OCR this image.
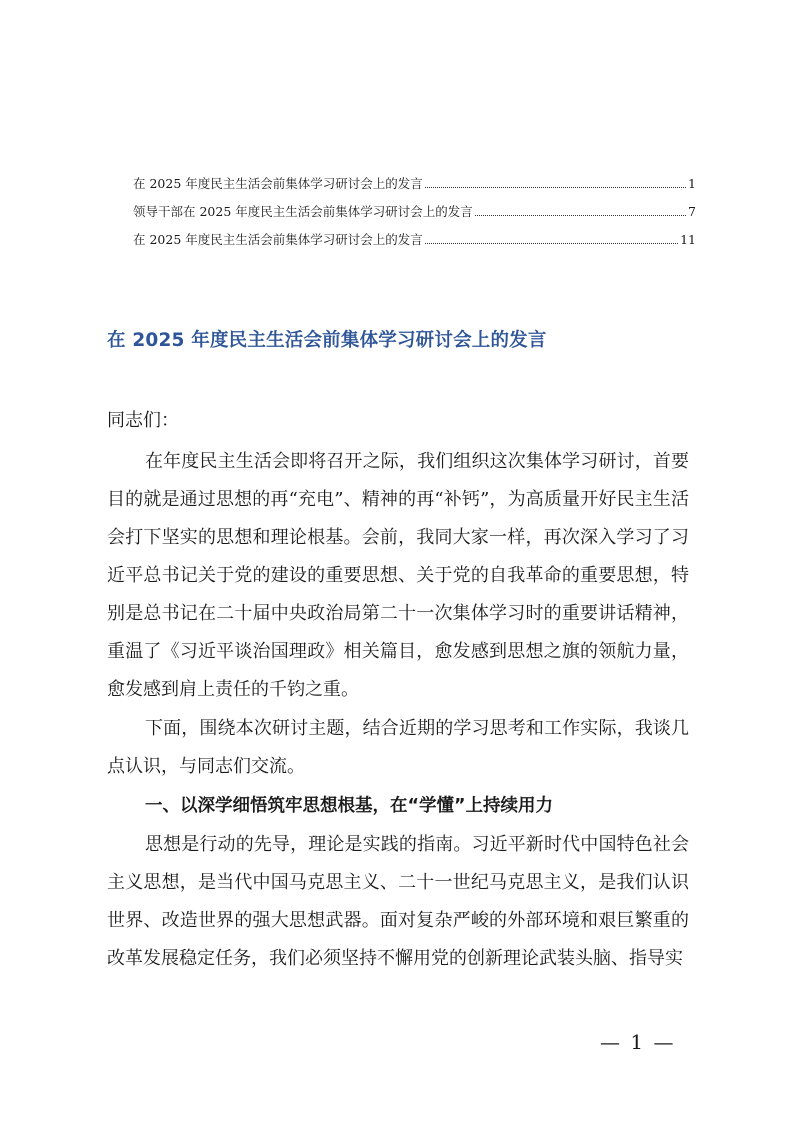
在 2025 年度民主生活会前集体学习研讨会上的发言	1
领导干部在 2025 年度民主生活会前集体学习研讨会上的发言	7
在 2025 年度民主生活会前集体学习研讨会上的发言	11
在 2025 年度民主生活会前集体学习研讨会上的发言

同志们：

在年度民主生活会即将召开之际，我们组织这次集体学习研讨，首要目的就是通过思想的再“充电”、精神的再“补钙”，为高质量开好民主生活会打下坚实的思想和理论根基。会前，我同大家一样，再次深入学习了习近平总书记关于党的建设的重要思想、关于党的自我革命的重要思想，特别是总书记在二十届中央政治局第二十一次集体学习时的重要讲话精神，重温了《习近平谈治国理政》相关篇目，愈发感到思想之旗的领航力量，愈发感到肩上责任的千钧之重。

下面，围绕本次研讨主题，结合近期的学习思考和工作实际，我谈几点认识，与同志们交流。

一、以深学细悟筑牢思想根基，在“学懂”上持续用力

思想是行动的先导，理论是实践的指南。习近平新时代中国特色社会主义思想，是当代中国马克思主义、二十一世纪马克思主义，是我们认识世界、改造世界的强大思想武器。面对复杂严峻的外部环境和艰巨繁重的改革发展稳定任务，我们必须坚持不懈用党的创新理论武装头脑、指导实

— 1 —
